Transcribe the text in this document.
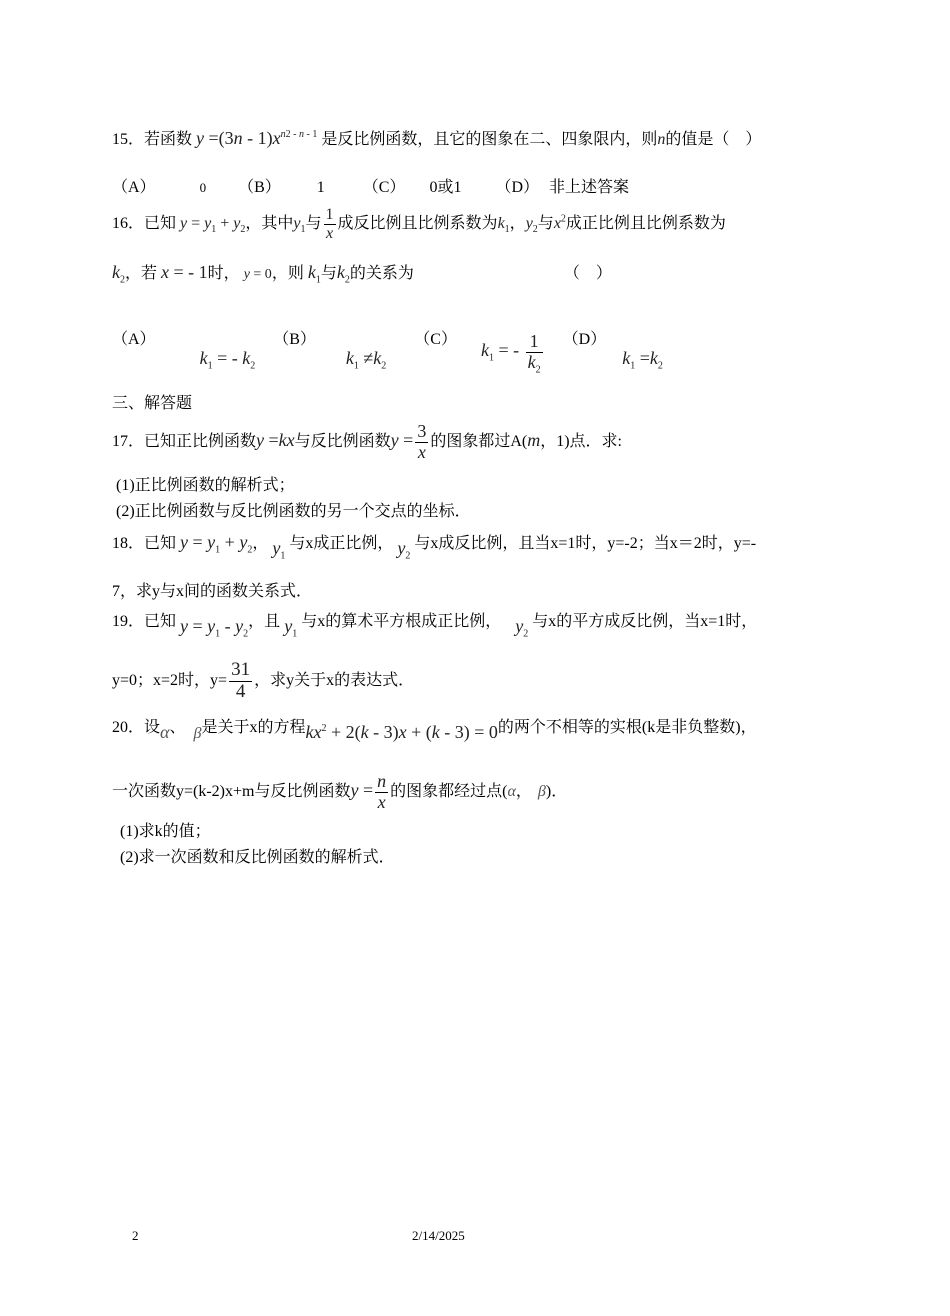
15．若函数 $y =(3n - 1)x^{n2 - n - 1}$ 是反比例函数，且它的图象在二、四象限内，则n的值是（　）
（A）	0 （B） 1 （C） 0或1 （D） 非上述答案
16．已知 $y = y_1 + y_2$，其中$y_1$与 $\frac{1}{x}$ 成反比例且比例系数为$k_1$，$y_2$与$x^2$成正比例且比例系数为
$k_2$，若 x = - 1时， y = 0，则 $k_1$与$k_2$的关系为	（　）
（A） $k_1$ = - $k_2$ （B） $k_1 \ne k_2$ （C） $k_1$ = - $\frac{1}{k_2} (D)$ $k_1 =k_2$
三、解答题
17．已知正比例函数y =kx与反比例函数$y = \frac{3}{x}$ 的图象都过A(m，1)点．求:
(1)正比例函数的解析式；
(2)正比例函数与反比例函数的另一个交点的坐标．
18．已知 $y = y_1 + y_2$， $y_1$与x成正比例， $y_2$与x成反比例，且当x=1时，y=-2；当x＝2时，y=-
7，求y与x间的函数关系式．
19．已知 $y = y_1 - y_2$，且 $y_1$与x的算术平方根成正比例， $y_2$与x的平方成反比例，当x=1时，
y=0；x=2时，$y= \frac{31}{4}$ ，求y关于x的表达式．
20．设α、 β是关于x的方程$kx^2 + 2(k - 3)x + (k - 3) = 0$的两个不相等的实根(k是非负整数)，
一次函数y=(k-2)x+m与反比例函数$y = \frac{n}{x}$ 的图象都经过点(α， β)．
(1)求k的值；
(2)求一次函数和反比例函数的解析式．
2	2/14/2025
